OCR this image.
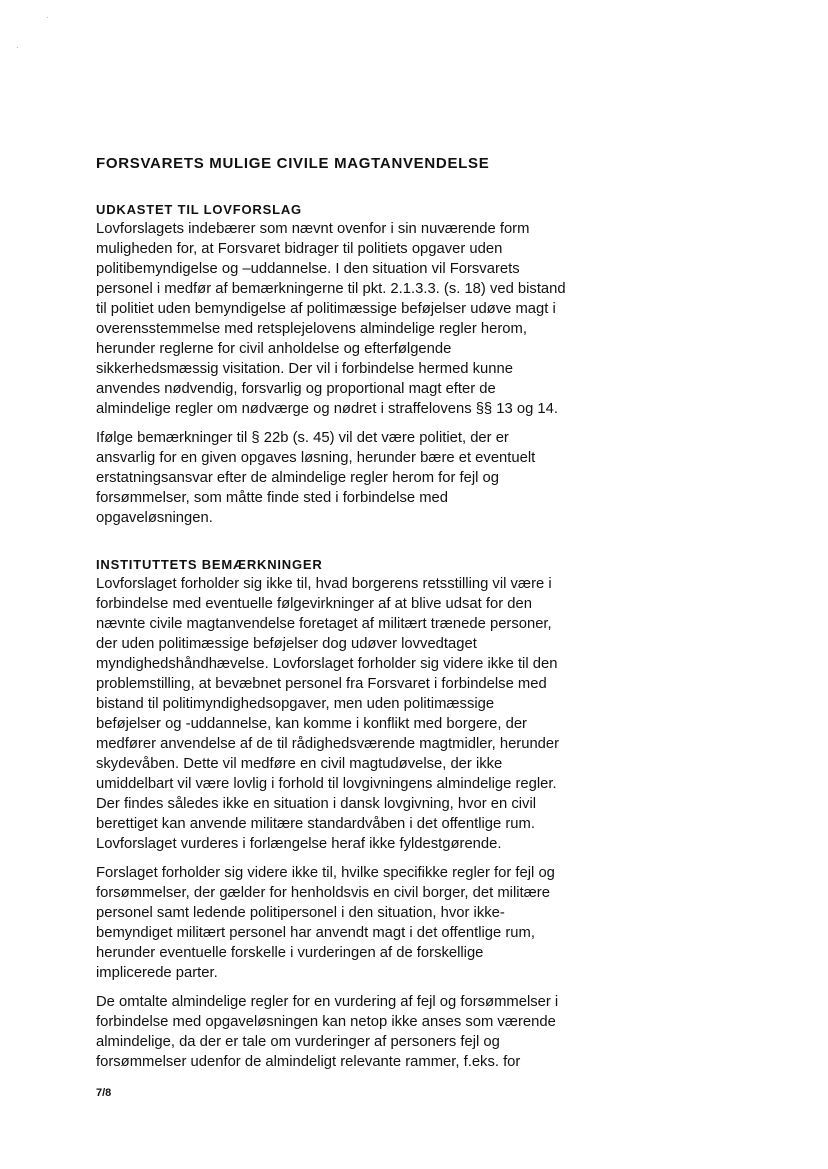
·
·
FORSVARETS MULIGE CIVILE MAGTANVENDELSE
UDKASTET TIL LOVFORSLAG
Lovforslagets indebærer som nævnt ovenfor i sin nuværende form
muligheden for, at Forsvaret bidrager til politiets opgaver uden
politibemyndigelse og –uddannelse. I den situation vil Forsvarets
personel i medfør af bemærkningerne til pkt. 2.1.3.3. (s. 18) ved bistand
til politiet uden bemyndigelse af politimæssige beføjelser udøve magt i
overensstemmelse med retsplejelovens almindelige regler herom,
herunder reglerne for civil anholdelse og efterfølgende
sikkerhedsmæssig visitation. Der vil i forbindelse hermed kunne
anvendes nødvendig, forsvarlig og proportional magt efter de
almindelige regler om nødværge og nødret i straffelovens §§ 13 og 14.
Ifølge bemærkninger til § 22b (s. 45) vil det være politiet, der er
ansvarlig for en given opgaves løsning, herunder bære et eventuelt
erstatningsansvar efter de almindelige regler herom for fejl og
forsømmelser, som måtte finde sted i forbindelse med
opgaveløsningen.
INSTITUTTETS BEMÆRKNINGER
Lovforslaget forholder sig ikke til, hvad borgerens retsstilling vil være i
forbindelse med eventuelle følgevirkninger af at blive udsat for den
nævnte civile magtanvendelse foretaget af militært trænede personer,
der uden politimæssige beføjelser dog udøver lovvedtaget
myndighedshåndhævelse. Lovforslaget forholder sig videre ikke til den
problemstilling, at bevæbnet personel fra Forsvaret i forbindelse med
bistand til politimyndighedsopgaver, men uden politimæssige
beføjelser og -uddannelse, kan komme i konflikt med borgere, der
medfører anvendelse af de til rådighedsværende magtmidler, herunder
skydevåben. Dette vil medføre en civil magtudøvelse, der ikke
umiddelbart vil være lovlig i forhold til lovgivningens almindelige regler.
Der findes således ikke en situation i dansk lovgivning, hvor en civil
berettiget kan anvende militære standardvåben i det offentlige rum.
Lovforslaget vurderes i forlængelse heraf ikke fyldestgørende.
Forslaget forholder sig videre ikke til, hvilke specifikke regler for fejl og
forsømmelser, der gælder for henholdsvis en civil borger, det militære
personel samt ledende politipersonel i den situation, hvor ikke-
bemyndiget militært personel har anvendt magt i det offentlige rum,
herunder eventuelle forskelle i vurderingen af de forskellige
implicerede parter.
De omtalte almindelige regler for en vurdering af fejl og forsømmelser i
forbindelse med opgaveløsningen kan netop ikke anses som værende
almindelige, da der er tale om vurderinger af personers fejl og
forsømmelser udenfor de almindeligt relevante rammer, f.eks. for
7/8
